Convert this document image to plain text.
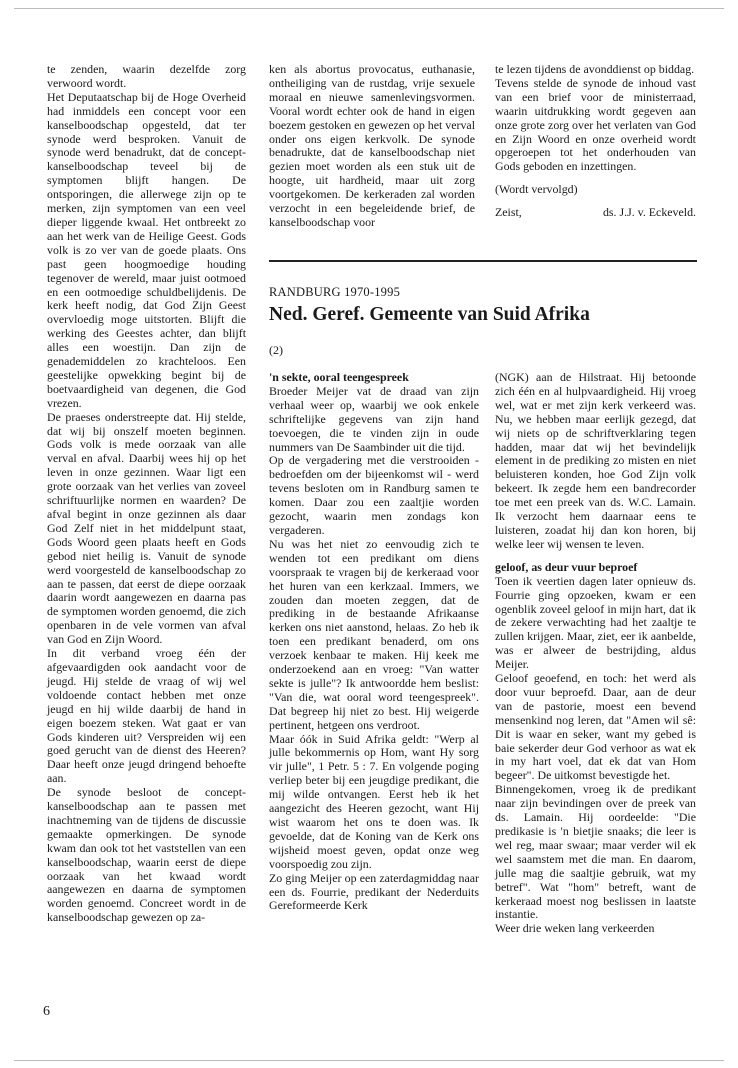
te zenden, waarin dezelfde zorg verwoord wordt.

Het Deputaatschap bij de Hoge Overheid had inmiddels een concept voor een kanselboodschap opgesteld, dat ter synode werd besproken. Vanuit de synode werd benadrukt, dat de concept-kanselboodschap teveel bij de symptomen blijft hangen. De ontsporingen, die allerwege zijn op te merken, zijn symptomen van een veel dieper liggende kwaal. Het ontbreekt zo aan het werk van de Heilige Geest. Gods volk is zo ver van de goede plaats. Ons past geen hoogmoedige houding tegenover de wereld, maar juist ootmoed en een ootmoedige schuldbelijdenis. De kerk heeft nodig, dat God Zijn Geest overvloedig moge uitstorten. Blijft die werking des Geestes achter, dan blijft alles een woestijn. Dan zijn de genademiddelen zo krachteloos. Een geestelijke opwekking begint bij de boetvaardigheid van degenen, die God vrezen.

De praeses onderstreepte dat. Hij stelde, dat wij bij onszelf moeten beginnen. Gods volk is mede oorzaak van alle verval en afval. Daarbij wees hij op het leven in onze gezinnen. Waar ligt een grote oorzaak van het verlies van zoveel schriftuurlijke normen en waarden? De afval begint in onze gezinnen als daar God Zelf niet in het middelpunt staat, Gods Woord geen plaats heeft en Gods gebod niet heilig is. Vanuit de synode werd voorgesteld de kanselboodschap zo aan te passen, dat eerst de diepe oorzaak daarin wordt aangewezen en daarna pas de symptomen worden genoemd, die zich openbaren in de vele vormen van afval van God en Zijn Woord.

In dit verband vroeg één der afgevaardigden ook aandacht voor de jeugd. Hij stelde de vraag of wij wel voldoende contact hebben met onze jeugd en hij wilde daarbij de hand in eigen boezem steken. Wat gaat er van Gods kinderen uit? Verspreiden wij een goed gerucht van de dienst des Heeren? Daar heeft onze jeugd dringend behoefte aan.

De synode besloot de concept-kanselboodschap aan te passen met inachtneming van de tijdens de discussie gemaakte opmerkingen. De synode kwam dan ook tot het vaststellen van een kanselboodschap, waarin eerst de diepe oorzaak van het kwaad wordt aangewezen en daarna de symptomen worden genoemd. Concreet wordt in de kanselboodschap gewezen op za-

ken als abortus provocatus, euthanasie, ontheiliging van de rustdag, vrije sexuele moraal en nieuwe samenlevingsvormen. Vooral wordt echter ook de hand in eigen boezem gestoken en gewezen op het verval onder ons eigen kerkvolk. De synode benadrukte, dat de kanselboodschap niet gezien moet worden als een stuk uit de hoogte, uit hardheid, maar uit zorg voortgekomen. De kerkeraden zal worden verzocht in een begeleidende brief, de kanselboodschap voor

te lezen tijdens de avonddienst op biddag.

Tevens stelde de synode de inhoud vast van een brief voor de ministerraad, waarin uitdrukking wordt gegeven aan onze grote zorg over het verlaten van God en Zijn Woord en onze overheid wordt opgeroepen tot het onderhouden van Gods geboden en inzettingen.

(Wordt vervolgd)

Zeist,	ds. J.J. v. Eckeveld.
RANDBURG 1970-1995
Ned. Geref. Gemeente van Suid Afrika
(2)

'n sekte, ooral teengespreek

Broeder Meijer vat de draad van zijn verhaal weer op, waarbij we ook enkele schriftelijke gegevens van zijn hand toevoegen, die te vinden zijn in oude nummers van De Saambinder uit die tijd.

Op de vergadering met die verstrooiden - bedroefden om der bijeenkomst wil - werd tevens besloten om in Randburg samen te komen. Daar zou een zaaltjie worden gezocht, waarin men zondags kon vergaderen.

Nu was het niet zo eenvoudig zich te wenden tot een predikant om diens voorspraak te vragen bij de kerkeraad voor het huren van een kerkzaal. Immers, we zouden dan moeten zeggen, dat de prediking in de bestaande Afrikaanse kerken ons niet aanstond, helaas. Zo heb ik toen een predikant benaderd, om ons verzoek kenbaar te maken. Hij keek me onderzoekend aan en vroeg: "Van watter sekte is julle"? Ik antwoordde hem beslist: "Van die, wat ooral word teengespreek". Dat begreep hij niet zo best. Hij weigerde pertinent, hetgeen ons verdroot.

Maar óók in Suid Afrika geldt: "Werp al julle bekommernis op Hom, want Hy sorg vir julle", 1 Petr. 5 : 7. En volgende poging verliep beter bij een jeugdige predikant, die mij wilde ontvangen. Eerst heb ik het aangezicht des Heeren gezocht, want Hij wist waarom het ons te doen was. Ik gevoelde, dat de Koning van de Kerk ons wijsheid moest geven, opdat onze weg voorspoedig zou zijn.

Zo ging Meijer op een zaterdagmiddag naar een ds. Fourrie, predikant der Nederduits Gereformeerde Kerk

(NGK) aan de Hilstraat. Hij betoonde zich één en al hulpvaardigheid. Hij vroeg wel, wat er met zijn kerk verkeerd was. Nu, we hebben maar eerlijk gezegd, dat wij niets op de schriftverklaring tegen hadden, maar dat wij het bevindelijk element in de prediking zo misten en niet beluisteren konden, hoe God Zijn volk bekeert. Ik zegde hem een bandrecorder toe met een preek van ds. W.C. Lamain. Ik verzocht hem daarnaar eens te luisteren, zoadat hij dan kon horen, bij welke leer wij wensen te leven.

geloof, as deur vuur beproef

Toen ik veertien dagen later opnieuw ds. Fourrie ging opzoeken, kwam er een ogenblik zoveel geloof in mijn hart, dat ik de zekere verwachting had het zaaltje te zullen krijgen. Maar, ziet, eer ik aanbelde, was er alweer de bestrijding, aldus Meijer.

Geloof geoefend, en toch: het werd als door vuur beproefd. Daar, aan de deur van de pastorie, moest een bevend mensenkind nog leren, dat "Amen wil sê: Dit is waar en seker, want my gebed is baie sekerder deur God verhoor as wat ek in my hart voel, dat ek dat van Hom begeer". De uitkomst bevestigde het.

Binnengekomen, vroeg ik de predikant naar zijn bevindingen over de preek van ds. Lamain. Hij oordeelde: "Die predikasie is 'n bietjie snaaks; die leer is wel reg, maar swaar; maar verder wil ek wel saamstem met die man. En daarom, julle mag die saaltjie gebruik, wat my betref". Wat "hom" betreft, want de kerkeraad moest nog beslissen in laatste instantie.

Weer drie weken lang verkeerden

6
